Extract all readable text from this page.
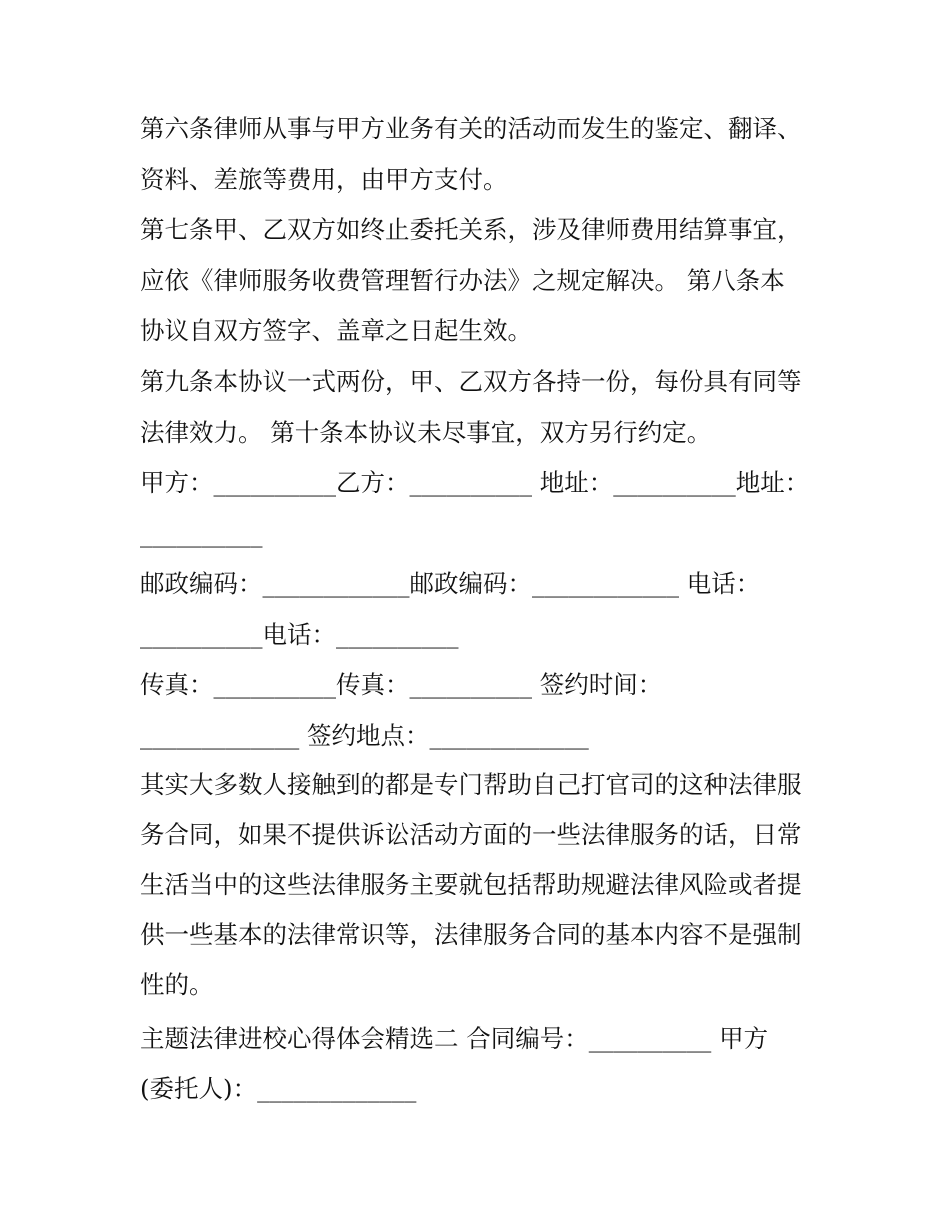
第六条律师从事与甲方业务有关的活动而发生的鉴定、翻译、
资料、差旅等费用，由甲方支付。
第七条甲、乙双方如终止委托关系，涉及律师费用结算事宜，
应依《律师服务收费管理暂行办法》之规定解决。 第八条本
协议自双方签字、盖章之日起生效。
第九条本协议一式两份，甲、乙双方各持一份，每份具有同等
法律效力。 第十条本协议未尽事宜，双方另行约定。
甲方：__________乙方：__________ 地址：__________地址：
__________
邮政编码：____________邮政编码：____________ 电话：
__________电话：__________
传真：__________传真：__________ 签约时间：
_____________ 签约地点：_____________
其实大多数人接触到的都是专门帮助自己打官司的这种法律服
务合同，如果不提供诉讼活动方面的一些法律服务的话，日常
生活当中的这些法律服务主要就包括帮助规避法律风险或者提
供一些基本的法律常识等，法律服务合同的基本内容不是强制
性的。
主题法律进校心得体会精选二 合同编号：__________ 甲方
(委托人)：_____________
